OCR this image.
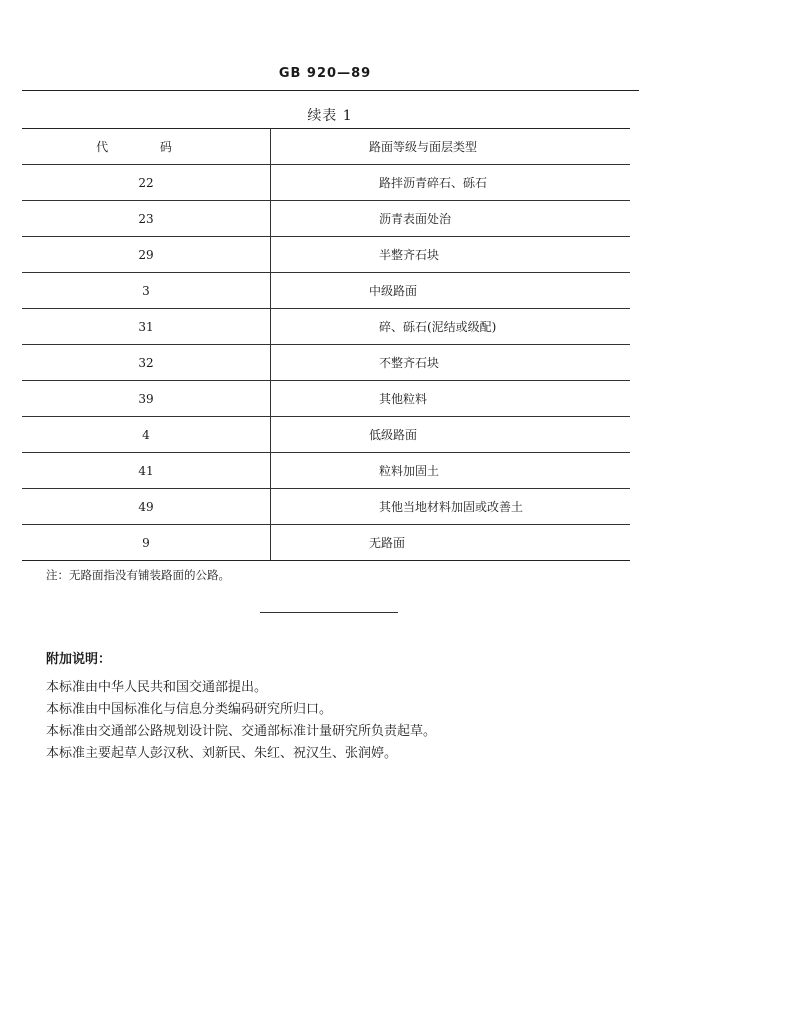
GB 920—89
续表 1
代 码	路面等级与面层类型
22	路拌沥青碎石、砾石
23	沥青表面处治
29	半整齐石块
3	中级路面
31	碎、砾石(泥结或级配)
32	不整齐石块
39	其他粒料
4	低级路面
41	粒料加固土
49	其他当地材料加固或改善土
9	无路面
注：无路面指没有铺装路面的公路。
附加说明：
本标准由中华人民共和国交通部提出。
本标准由中国标准化与信息分类编码研究所归口。
本标准由交通部公路规划设计院、交通部标准计量研究所负责起草。
本标准主要起草人彭汉秋、刘新民、朱红、祝汉生、张润婷。
